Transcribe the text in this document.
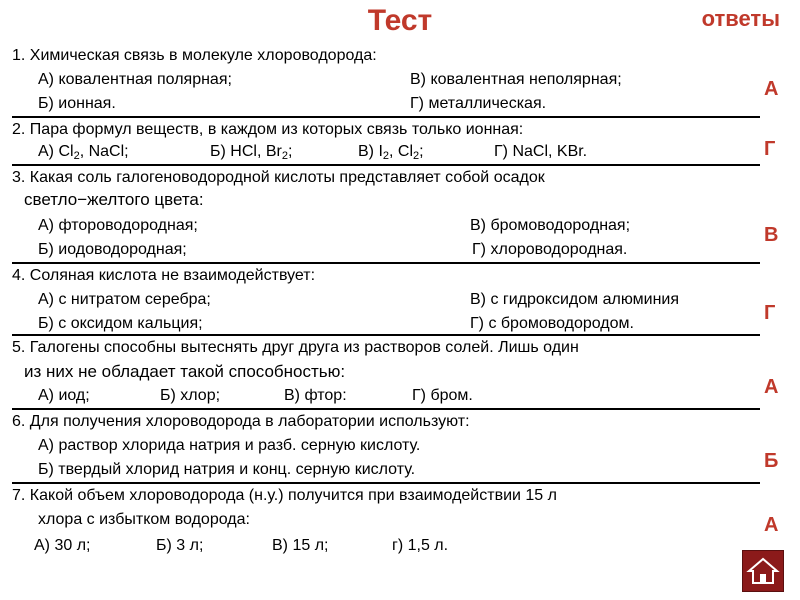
Тест	ответы
1. Химическая связь в молекуле хлороводорода:
А) ковалентная полярная;	В) ковалентная неполярная;
Б) ионная.	Г) металлическая.
А
2. Пара формул веществ, в каждом из которых связь только ионная:
А) $Cl_2$, NaCl;	Б) HCl, $Br_2$;	В) $I_2$, $Cl_2$;	Г) NaCl, KBr.	Г
3. Какая соль галогеноводородной кислоты представляет собой осадок
светло−желтого цвета:
А) фтороводородная;	В) бромоводородная;
Б) иодоводородная;	Г) хлороводородная.
В
4. Соляная кислота не взаимодействует:
А) с нитратом серебра;	В) с гидроксидом алюминия
Б) с оксидом кальция;	Г) с бромоводородом.	Г
5. Галогены способны вытеснять друг друга из растворов солей. Лишь один
из них не обладает такой способностью:
А) иод;	Б) хлор;	В) фтор:	Г) бром.	А
6. Для получения хлороводорода в лаборатории используют:
А) раствор хлорида натрия и разб. серную кислоту.
Б) твердый хлорид натрия и конц. серную кислоту.	Б
7. Какой объем хлороводорода (н.у.) получится при взаимодействии 15 л
хлора с избытком водорода:
А) 30 л;	Б) 3 л;	В) 15 л;	г) 1,5 л.
А
